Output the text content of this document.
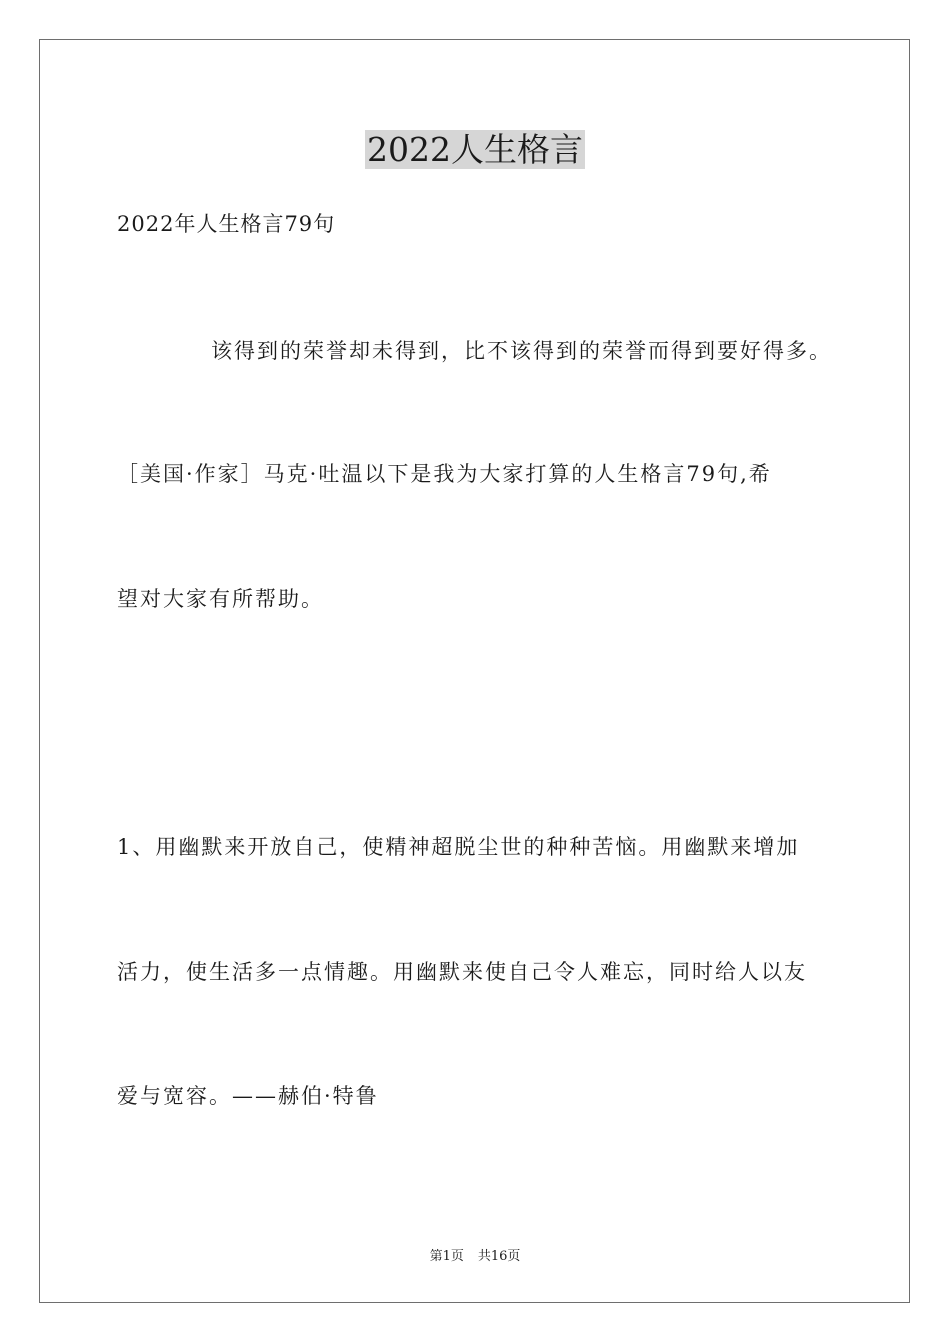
2022人生格言

2022年人生格言79句

该得到的荣誉却未得到，比不该得到的荣誉而得到要好得多。

［美国·作家］马克·吐温以下是我为大家打算的人生格言79句,希

望对大家有所帮助。

1、用幽默来开放自己，使精神超脱尘世的种种苦恼。用幽默来增加

活力，使生活多一点情趣。用幽默来使自己令人难忘，同时给人以友

爱与宽容。——赫伯·特鲁

第1页 共16页
